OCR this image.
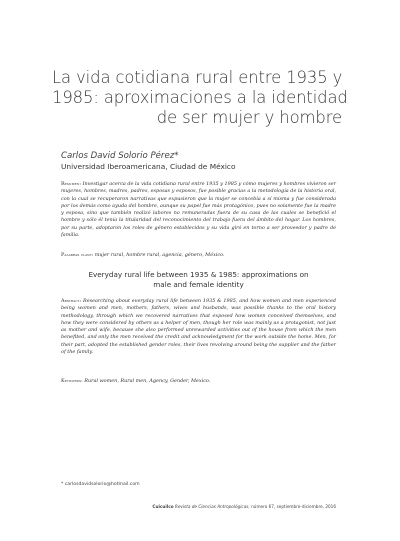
La vida cotidiana rural entre 1935 y
1985: aproximaciones a la identidad
de ser mujer y hombre
Carlos David Solorio Pérez*
Universidad Iberoamericana, Ciudad de México
Resumen: Investigar acerca de la vida cotidiana rural entre 1935 y 1985 y cómo mujeres y hombres vivieron ser mujeres, hombres, madres, padres, esposas y esposos, fue posible gracias a la metodología de la historia oral, con la cual se recuperaron narrativas que expusieron que la mujer se concebía a sí misma y fue considerada por los demás como ayuda del hombre, aunque su papel fue más protagónico, pues no solamente fue la madre y esposa, sino que también realizó labores no remuneradas fuera de su casa de las cuales se benefició el hombre y sólo él tenía la titularidad del reconocimiento del trabajo fuera del ámbito del hogar. Los hombres, por su parte, adoptaron los roles de género establecidos y su vida giró en torno a ser proveedor y padre de familia.
Palabras clave: mujer rural, hombre rural, agencia, género, México.
Everyday rural life between 1935 & 1985: approximations on
male and female identity
Abstract: Researching about everyday rural life between 1935 & 1985, and how women and men experienced being women and men, mothers, fathers, wives and husbands, was possible thanks to the oral history methodology, through which we recovered narratives that exposed how women conceived themselves, and how they were considered by others as a helper of men, though her role was mainly as a protagonist, not just as mother and wife, because she also performed unrewarded activities out of the house from which the men benefited, and only the men received the credit and acknowledgment for the work outside the home. Men, for their part, adopted the established gender roles, their lives revolving around being the supplier and the father of the family.
Keywords: Rural women, Rural men, Agency, Gender, Mexico.
* carlosdavidsolorio@hotmail.com
Cuicuilco Revista de Ciencias Antropológicas, número 67, septiembre-diciembre, 2016
